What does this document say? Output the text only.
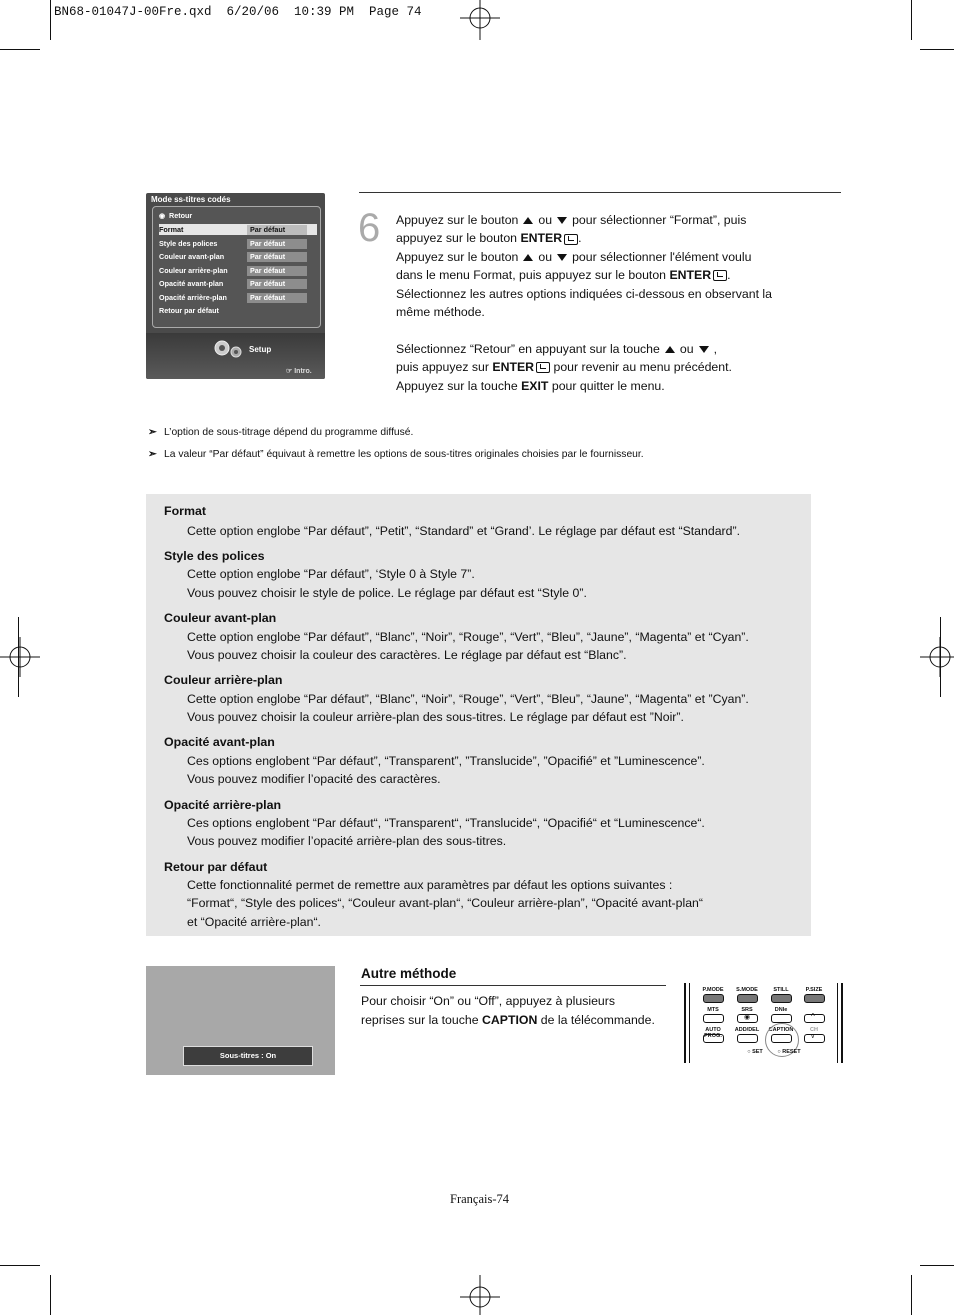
BN68-01047J-00Fre.qxd  6/20/06  10:39 PM  Page 74
Mode ss-titres codés
◉ Retour
Format	Par défaut
Style des polices	Par défaut
Couleur avant-plan	Par défaut
Couleur arrière-plan	Par défaut
Opacité avant-plan	Par défaut
Opacité arrière-plan	Par défaut
Retour par défaut
Setup
☞ Intro.
6 Appuyez sur le bouton ou pour sélectionner “Format”, puis
appuyez sur le bouton ENTER .

Appuyez sur le bouton ou pour sélectionner l'élément voulu
dans le menu Format, puis appuyez sur le bouton ENTER .

Sélectionnez les autres options indiquées ci-dessous en observant la
même méthode.

Sélectionnez “Retour” en appuyant sur la touche ou ,
puis appuyez sur ENTER pour revenir au menu précédent.
Appuyez sur la touche EXIT pour quitter le menu.

➣ L’option de sous-titrage dépend du programme diffusé.
➣ La valeur “Par défaut” équivaut à remettre les options de sous-titres originales choisies par le fournisseur.
Format
Cette option englobe “Par défaut”, “Petit”, “Standard” et “Grand’. Le réglage par défaut est “Standard”.
Style des polices
Cette option englobe “Par défaut”, ‘Style 0 à Style 7”.
Vous pouvez choisir le style de police. Le réglage par défaut est “Style 0”.
Couleur avant-plan
Cette option englobe “Par défaut”, “Blanc”, “Noir”, “Rouge”, “Vert”, “Bleu”, “Jaune”, “Magenta” et “Cyan”.
Vous pouvez choisir la couleur des caractères. Le réglage par défaut est “Blanc”.
Couleur arrière-plan
Cette option englobe “Par défaut”, “Blanc”, “Noir”, “Rouge”, “Vert”, “Bleu”, “Jaune”, “Magenta” et ”Cyan”.
Vous pouvez choisir la couleur arrière-plan des sous-titres. Le réglage par défaut est ”Noir”.
Opacité avant-plan
Ces options englobent “Par défaut”, “Transparent”, ”Translucide”, ”Opacifié” et ”Luminescence”.
Vous pouvez modifier l’opacité des caractères.
Opacité arrière-plan
Ces options englobent “Par défaut“, “Transparent“, “Translucide“, “Opacifié“ et “Luminescence“.
Vous pouvez modifier l’opacité arrière-plan des sous-titres.
Retour par défaut
Cette fonctionnalité permet de remettre aux paramètres par défaut les options suivantes :
“Format“, “Style des polices“, “Couleur avant-plan“, “Couleur arrière-plan”, “Opacité avant-plan“
et “Opacité arrière-plan“.
Sous-titres : On
Autre méthode
Pour choisir “On” ou “Off”, appuyez à plusieurs
reprises sur la touche CAPTION de la télécommande.
P.MODE	S.MODE	STILL	P.SIZE
MTS	SRS	DNIe
◉	^
AUTO PROG.
ADD/DEL	CAPTION	CH
v
○ SET	○ RESET
Français-74
